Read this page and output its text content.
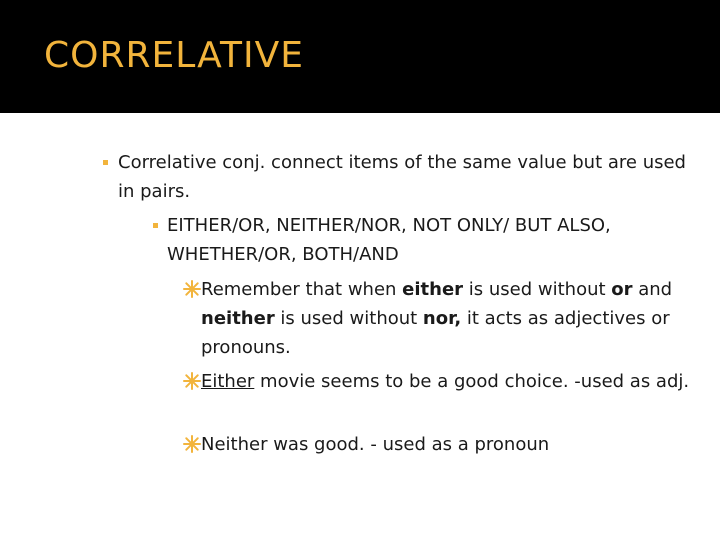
CORRELATIVE
Correlative conj. connect items of the same value but are used in pairs.
EITHER/OR, NEITHER/NOR, NOT ONLY/ BUT ALSO, WHETHER/OR, BOTH/AND
Remember that when either is used without or and neither is used without nor, it acts as adjectives or pronouns.
Either movie seems to be a good choice. -used as adj.
Neither was good. - used as a pronoun
